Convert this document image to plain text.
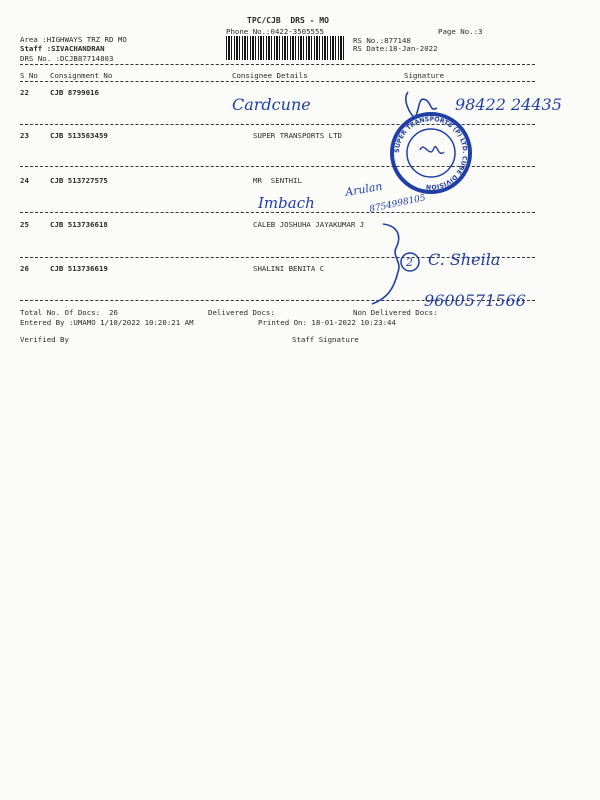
TPC/CJB  DRS - MO
Phone No.:0422-3505555	Page No.:3
Area :HIGHWAYS TRZ RD MO
Staff :SIVACHANDRAN
DRS No. :DCJB87714803
RS No.:877148
RS Date:18-Jan-2022
S No Consignment No	Consignee Details	Signature
22	CJB 8799016
23	CJB 513563459	SUPER TRANSPORTS LTD
24	CJB 513727575	MR  SENTHIL
25	CJB 513736618	CALEB JOSHUHA JAYAKUMAR J
26	CJB 513736619	SHALINI BENITA C
Total No. Of Docs:  26	Delivered Docs:	Non Delivered Docs:
Entered By :UMAMO 1/18/2022 10:20:21 AM	Printed On: 18-01-2022 10:23:44
Verified By	Staff Signature
Cardcune	98422 24435
SUPER TRANSPORTS (P) LTD. CUBE DIVISION
Imbach
Arulan
8754998105
2 C. Sheila
9600571566
